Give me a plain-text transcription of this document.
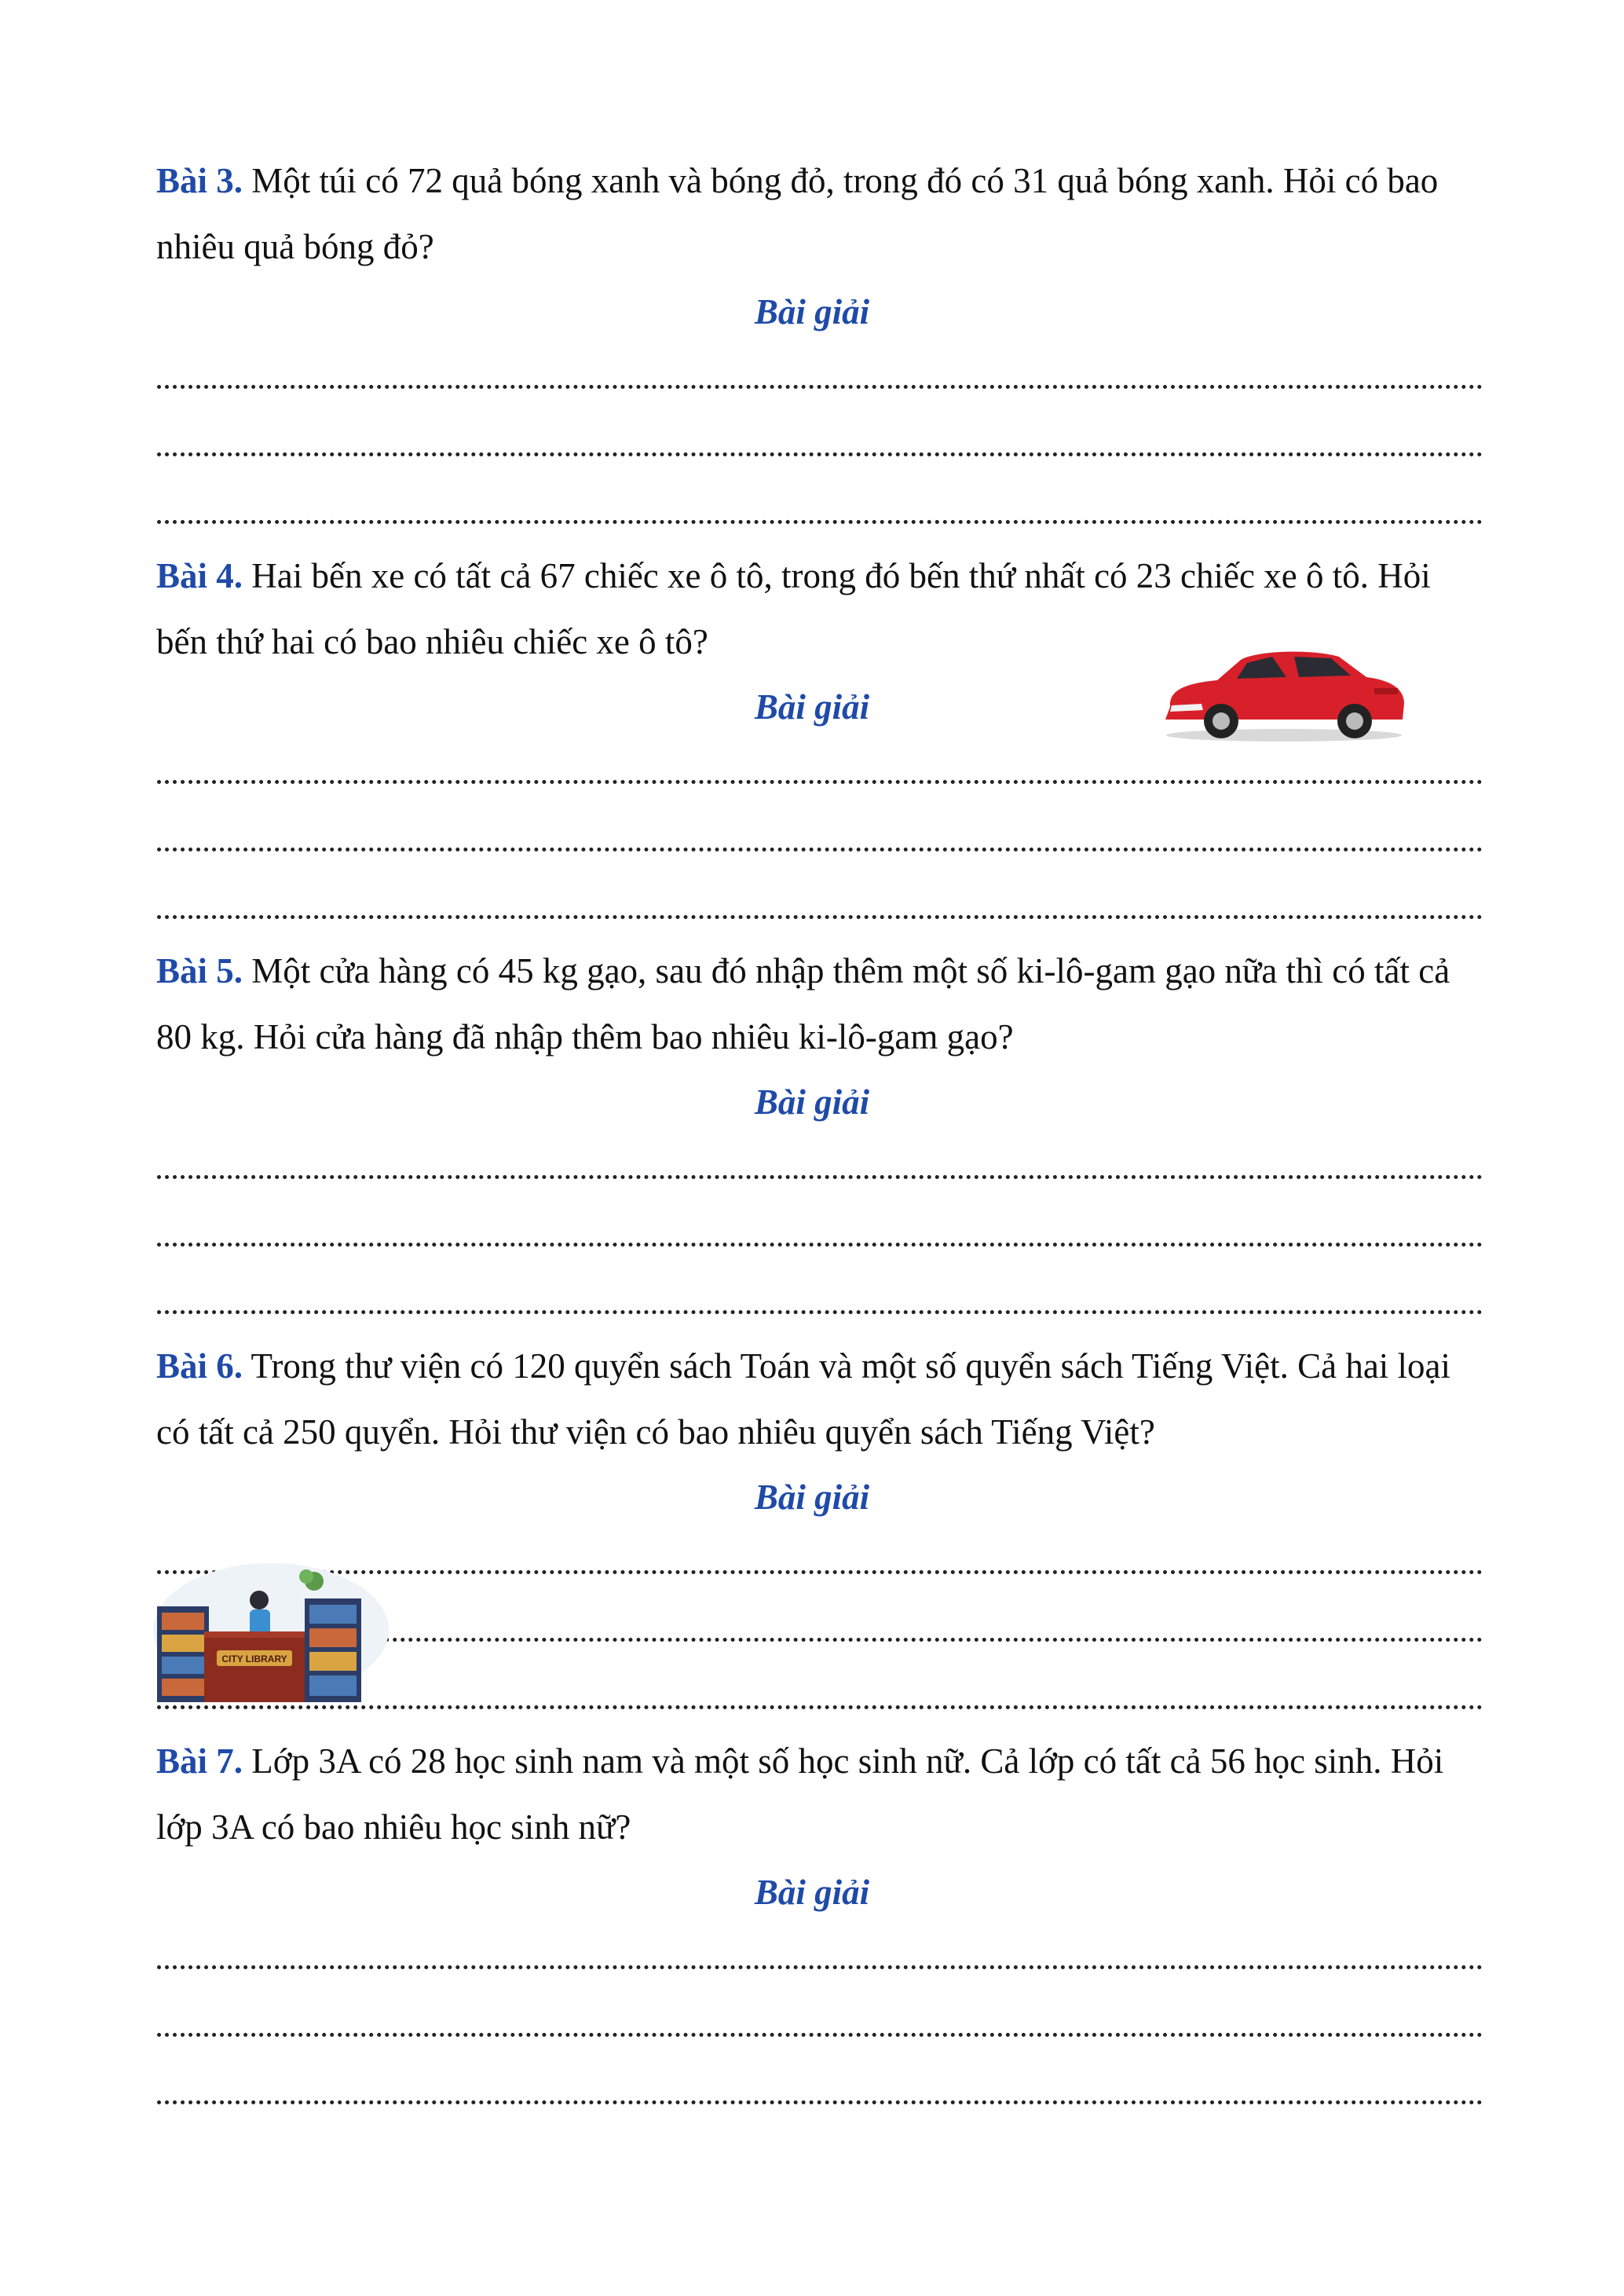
Bài 3. Một túi có 72 quả bóng xanh và bóng đỏ, trong đó có 31 quả bóng xanh. Hỏi có bao nhiêu quả bóng đỏ?

Bài giải

Bài 4. Hai bến xe có tất cả 67 chiếc xe ô tô, trong đó bến thứ nhất có 23 chiếc xe ô tô. Hỏi bến thứ hai có bao nhiêu chiếc xe ô tô?

Bài giải

Bài 5. Một cửa hàng có 45 kg gạo, sau đó nhập thêm một số ki-lô-gam gạo nữa thì có tất cả 80 kg. Hỏi cửa hàng đã nhập thêm bao nhiêu ki-lô-gam gạo?

Bài giải

Bài 6. Trong thư viện có 120 quyển sách Toán và một số quyển sách Tiếng Việt. Cả hai loại có tất cả 250 quyển. Hỏi thư viện có bao nhiêu quyển sách Tiếng Việt?

Bài giải

CITY LIBRARY

Bài 7. Lớp 3A có 28 học sinh nam và một số học sinh nữ. Cả lớp có tất cả 56 học sinh. Hỏi lớp 3A có bao nhiêu học sinh nữ?

Bài giải
